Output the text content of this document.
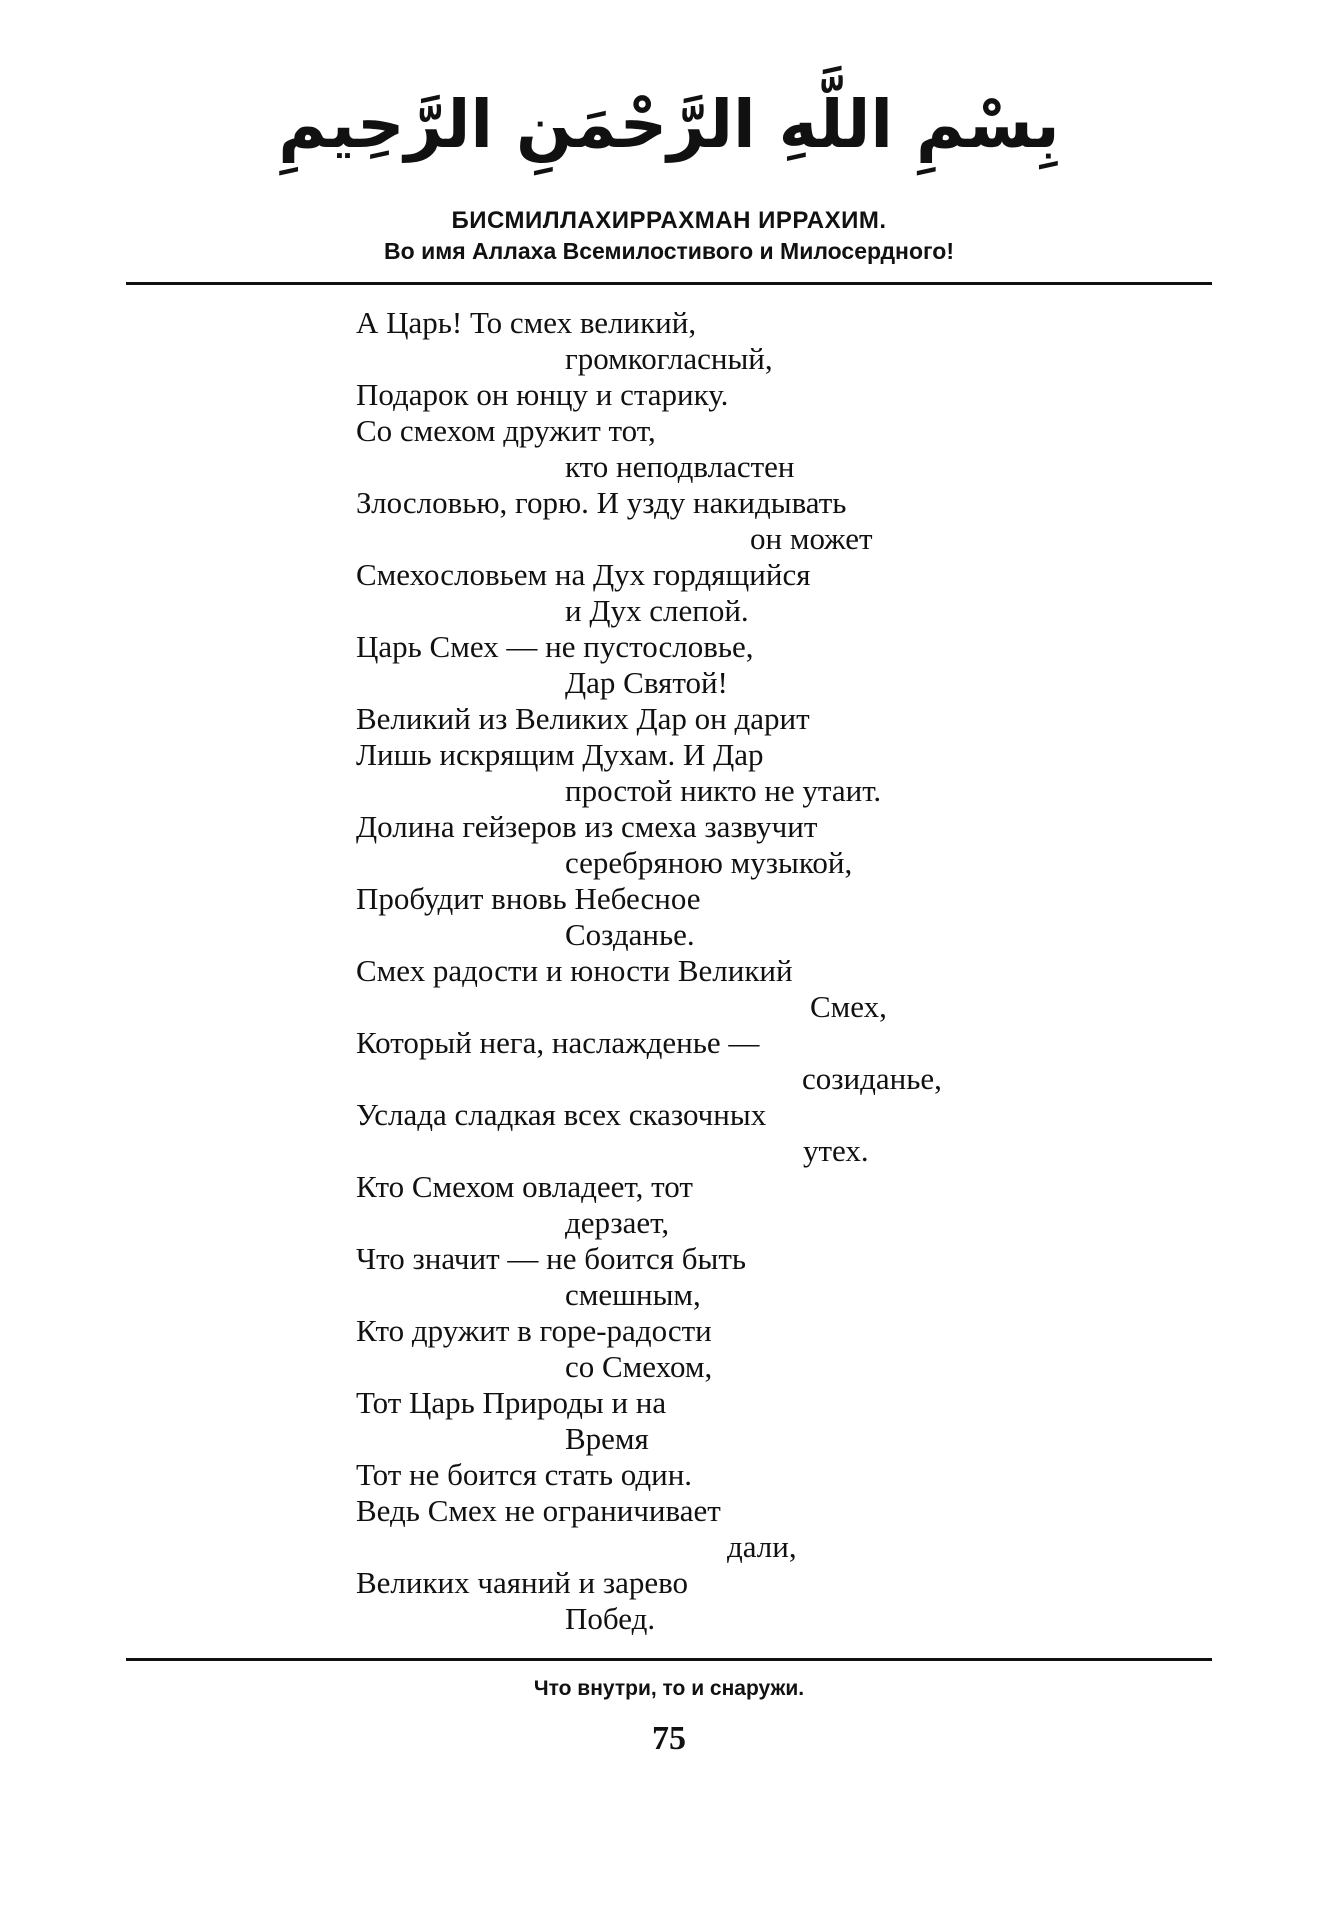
بِسْمِ اللَّهِ الرَّحْمَنِ الرَّحِيمِ
БИСМИЛЛАХИРРАХМАН ИРРАХИМ.
Во имя Аллаха Всемилостивого и Милосердного!
А Царь! То смех великий,
громкогласный,
Подарок он юнцу и старику.
Со смехом дружит тот,
кто неподвластен
Злословью, горю. И узду накидывать
он может
Смехословьем на Дух гордящийся
и Дух слепой.
Царь Смех — не пустословье,
Дар Святой!
Великий из Великих Дар он дарит
Лишь искрящим Духам. И Дар
простой никто не утаит.
Долина гейзеров из смеха зазвучит
серебряною музыкой,
Пробудит вновь Небесное
Созданье.
Смех радости и юности Великий
Смех,
Который нега, наслажденье —
созиданье,
Услада сладкая всех сказочных
утех.
Кто Смехом овладеет, тот
дерзает,
Что значит — не боится быть
смешным,
Кто дружит в горе-радости
со Смехом,
Тот Царь Природы и на
Время
Тот не боится стать один.
Ведь Смех не ограничивает
дали,
Великих чаяний и зарево
Побед.
Что внутри, то и снаружи.
75
